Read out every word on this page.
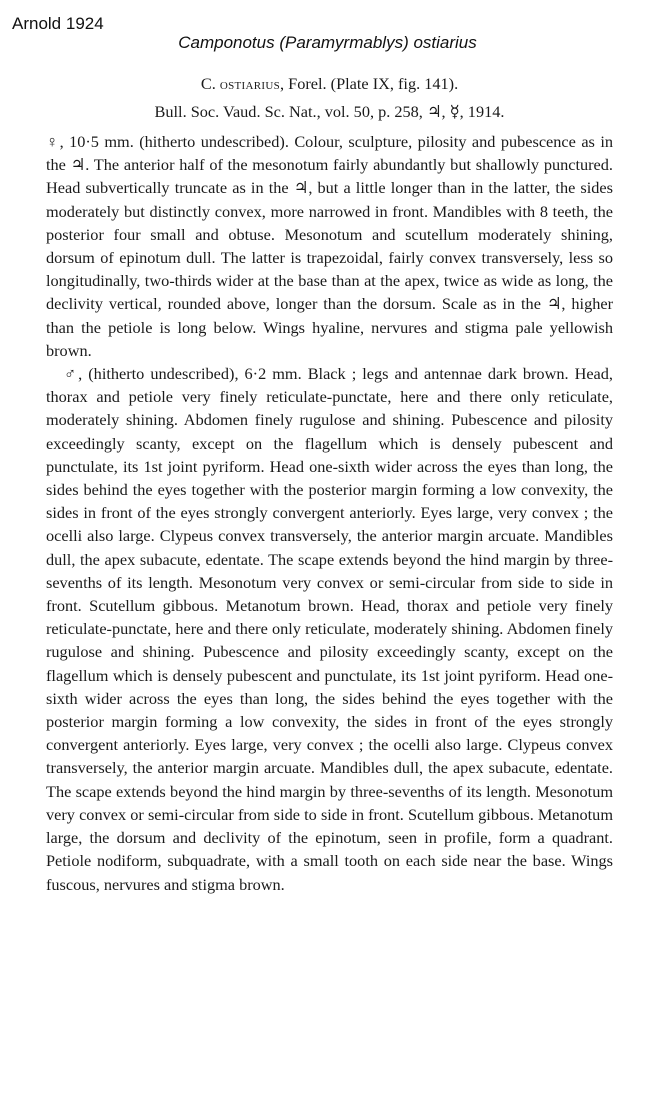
Arnold 1924
Camponotus (Paramyrmablys) ostiarius

C. ostiarius, Forel. (Plate IX, fig. 141).

Bull. Soc. Vaud. Sc. Nat., vol. 50, p. 258, ♃, ☿, 1914.

♀, 10·5 mm. (hitherto undescribed). Colour, sculpture, pilosity and pubescence as in the ♃. The anterior half of the mesonotum fairly abundantly but shallowly punctured. Head subvertically truncate as in the ♃, but a little longer than in the latter, the sides moderately but distinctly convex, more narrowed in front. Mandibles with 8 teeth, the posterior four small and obtuse. Mesonotum and scutellum moderately shining, dorsum of epinotum dull. The latter is trapezoidal, fairly convex transversely, less so longitudinally, two-thirds wider at the base than at the apex, twice as wide as long, the declivity vertical, rounded above, longer than the dorsum. Scale as in the ♃, higher than the petiole is long below. Wings hyaline, nervures and stigma pale yellowish brown.

♂, (hitherto undescribed), 6·2 mm. Black ; legs and antennae dark brown. Head, thorax and petiole very finely reticulate-punctate, here and there only reticulate, moderately shining. Abdomen finely rugulose and shining. Pubescence and pilosity exceedingly scanty, except on the flagellum which is densely pubescent and punctulate, its 1st joint pyriform. Head one-sixth wider across the eyes than long, the sides behind the eyes together with the posterior margin forming a low convexity, the sides in front of the eyes strongly convergent anteriorly. Eyes large, very convex ; the ocelli also large. Clypeus convex transversely, the anterior margin arcuate. Mandibles dull, the apex subacute, edentate. The scape extends beyond the hind margin by three-sevenths of its length. Mesonotum very convex or semi-circular from side to side in front. Scutellum gibbous. Metanotum brown. Head, thorax and petiole very finely reticulate-punctate, here and there only reticulate, moderately shining. Abdomen finely rugulose and shining. Pubescence and pilosity exceedingly scanty, except on the flagellum which is densely pubescent and punctulate, its 1st joint pyriform. Head one-sixth wider across the eyes than long, the sides behind the eyes together with the posterior margin forming a low convexity, the sides in front of the eyes strongly convergent anteriorly. Eyes large, very convex ; the ocelli also large. Clypeus convex transversely, the anterior margin arcuate. Mandibles dull, the apex subacute, edentate. The scape extends beyond the hind margin by three-sevenths of its length. Mesonotum very convex or semi-circular from side to side in front. Scutellum gibbous. Metanotum large, the dorsum and declivity of the epinotum, seen in profile, form a quadrant. Petiole nodiform, subquadrate, with a small tooth on each side near the base. Wings fuscous, nervures and stigma brown.
